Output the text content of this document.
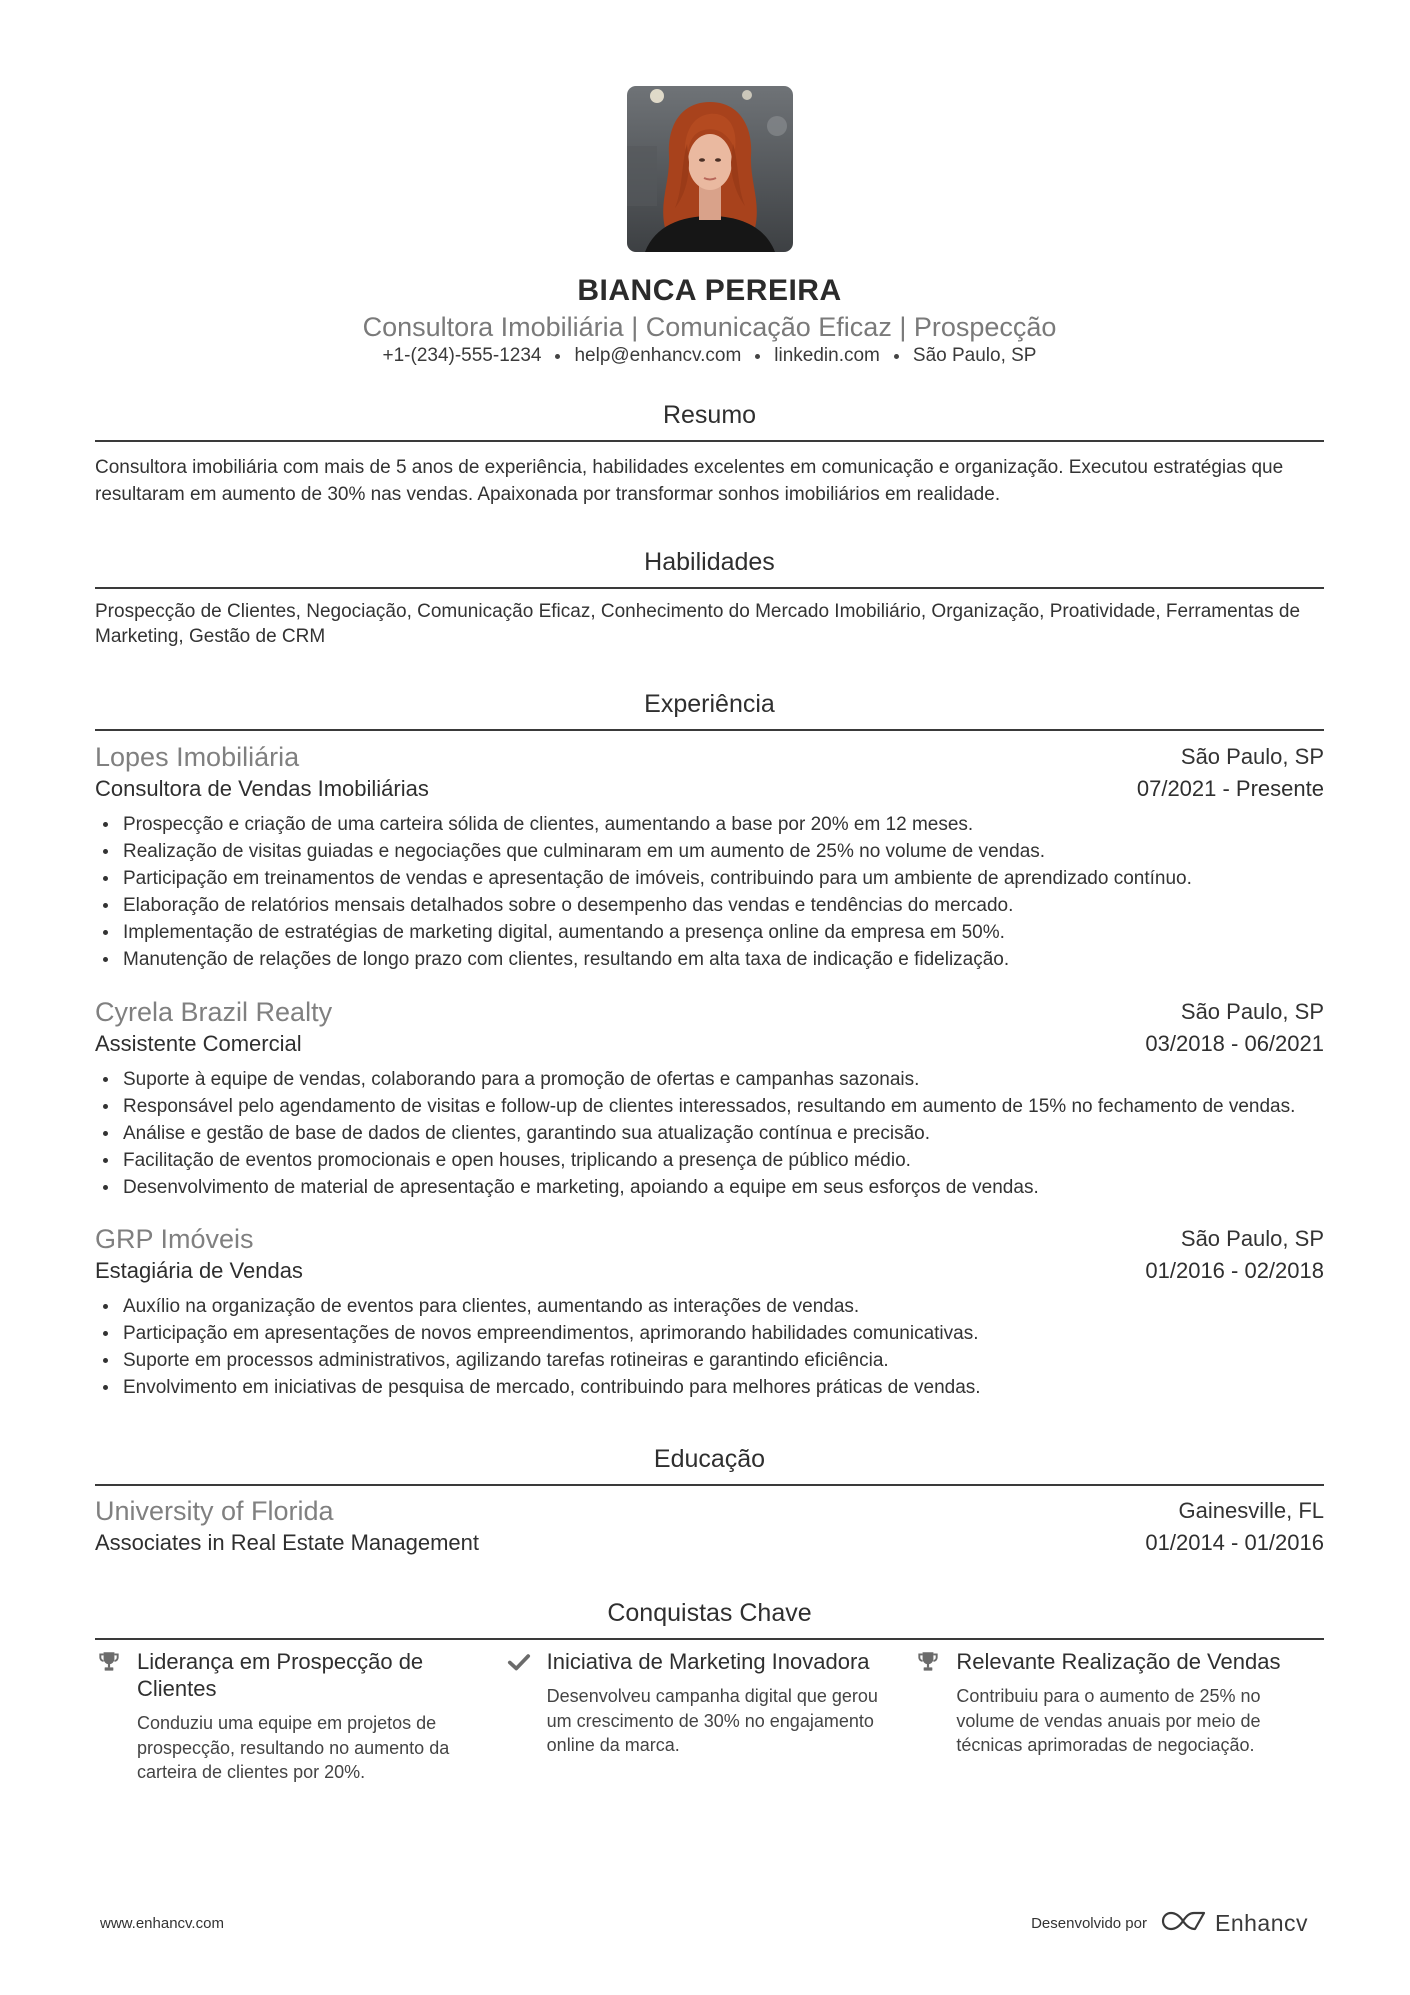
BIANCA PEREIRA
Consultora Imobiliária | Comunicação Eficaz | Prospecção
+1-(234)-555-1234 help@enhancv.com linkedin.com São Paulo, SP
Resumo
Consultora imobiliária com mais de 5 anos de experiência, habilidades excelentes em comunicação e organização. Executou estratégias que resultaram em aumento de 30% nas vendas. Apaixonada por transformar sonhos imobiliários em realidade.
Habilidades
Prospecção de Clientes, Negociação, Comunicação Eficaz, Conhecimento do Mercado Imobiliário, Organização, Proatividade, Ferramentas de Marketing, Gestão de CRM
Experiência
Lopes Imobiliária	São Paulo, SP
Consultora de Vendas Imobiliárias	07/2021 - Presente
Prospecção e criação de uma carteira sólida de clientes, aumentando a base por 20% em 12 meses.
Realização de visitas guiadas e negociações que culminaram em um aumento de 25% no volume de vendas.
Participação em treinamentos de vendas e apresentação de imóveis, contribuindo para um ambiente de aprendizado contínuo.
Elaboração de relatórios mensais detalhados sobre o desempenho das vendas e tendências do mercado.
Implementação de estratégias de marketing digital, aumentando a presença online da empresa em 50%.
Manutenção de relações de longo prazo com clientes, resultando em alta taxa de indicação e fidelização.
Cyrela Brazil Realty	São Paulo, SP
Assistente Comercial	03/2018 - 06/2021
Suporte à equipe de vendas, colaborando para a promoção de ofertas e campanhas sazonais.
Responsável pelo agendamento de visitas e follow-up de clientes interessados, resultando em aumento de 15% no fechamento de vendas.
Análise e gestão de base de dados de clientes, garantindo sua atualização contínua e precisão.
Facilitação de eventos promocionais e open houses, triplicando a presença de público médio.
Desenvolvimento de material de apresentação e marketing, apoiando a equipe em seus esforços de vendas.
GRP Imóveis	São Paulo, SP
Estagiária de Vendas	01/2016 - 02/2018
Auxílio na organização de eventos para clientes, aumentando as interações de vendas.
Participação em apresentações de novos empreendimentos, aprimorando habilidades comunicativas.
Suporte em processos administrativos, agilizando tarefas rotineiras e garantindo eficiência.
Envolvimento em iniciativas de pesquisa de mercado, contribuindo para melhores práticas de vendas.
Educação
University of Florida	Gainesville, FL
Associates in Real Estate Management	01/2014 - 01/2016
Conquistas Chave
Liderança em Prospecção de Clientes
Conduziu uma equipe em projetos de prospecção, resultando no aumento da carteira de clientes por 20%.
Iniciativa de Marketing Inovadora
Desenvolveu campanha digital que gerou um crescimento de 30% no engajamento online da marca.
Relevante Realização de Vendas
Contribuiu para o aumento de 25% no volume de vendas anuais por meio de técnicas aprimoradas de negociação.
www.enhancv.com	Desenvolvido por	Enhancv
